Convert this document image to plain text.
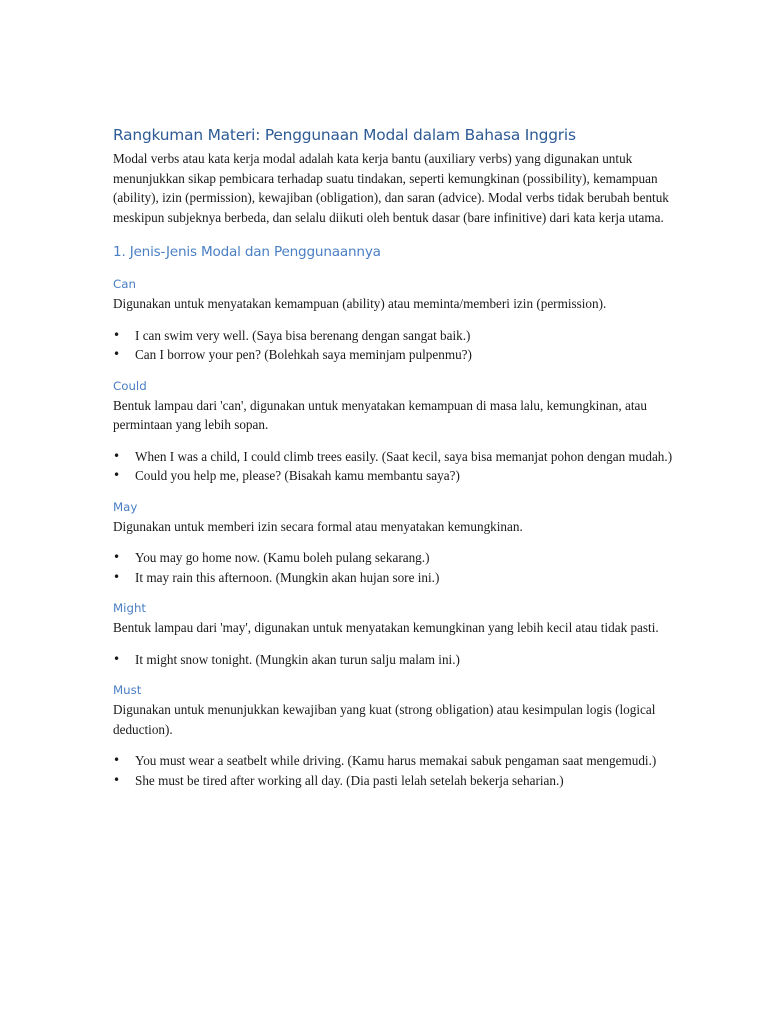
Rangkuman Materi: Penggunaan Modal dalam Bahasa Inggris

Modal verbs atau kata kerja modal adalah kata kerja bantu (auxiliary verbs) yang digunakan untuk menunjukkan sikap pembicara terhadap suatu tindakan, seperti kemungkinan (possibility), kemampuan (ability), izin (permission), kewajiban (obligation), dan saran (advice). Modal verbs tidak berubah bentuk meskipun subjeknya berbeda, dan selalu diikuti oleh bentuk dasar (bare infinitive) dari kata kerja utama.

1. Jenis-Jenis Modal dan Penggunaannya
Can

Digunakan untuk menyatakan kemampuan (ability) atau meminta/memberi izin (permission).

• I can swim very well. (Saya bisa berenang dengan sangat baik.)
• Can I borrow your pen? (Bolehkah saya meminjam pulpenmu?)
Could

Bentuk lampau dari 'can', digunakan untuk menyatakan kemampuan di masa lalu, kemungkinan, atau permintaan yang lebih sopan.

• When I was a child, I could climb trees easily. (Saat kecil, saya bisa memanjat pohon dengan mudah.)
• Could you help me, please? (Bisakah kamu membantu saya?)
May

Digunakan untuk memberi izin secara formal atau menyatakan kemungkinan.

• You may go home now. (Kamu boleh pulang sekarang.)
• It may rain this afternoon. (Mungkin akan hujan sore ini.)
Might

Bentuk lampau dari 'may', digunakan untuk menyatakan kemungkinan yang lebih kecil atau tidak pasti.

• It might snow tonight. (Mungkin akan turun salju malam ini.)
Must

Digunakan untuk menunjukkan kewajiban yang kuat (strong obligation) atau kesimpulan logis (logical deduction).

• You must wear a seatbelt while driving. (Kamu harus memakai sabuk pengaman saat mengemudi.)
• She must be tired after working all day. (Dia pasti lelah setelah bekerja seharian.)
